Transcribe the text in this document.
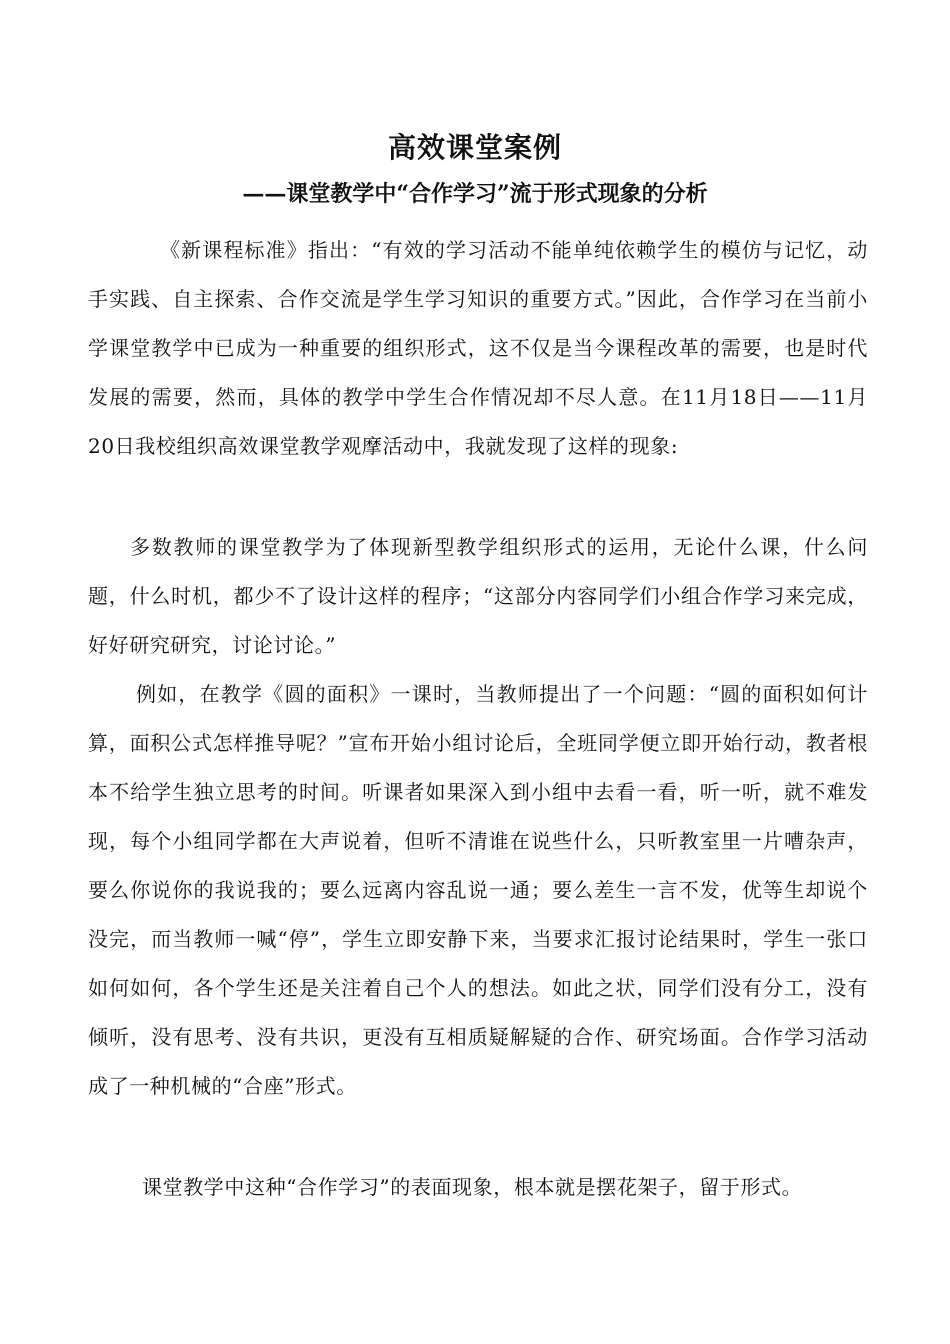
高效课堂案例
——课堂教学中“合作学习”流于形式现象的分析

《新课程标准》指出：“有效的学习活动不能单纯依赖学生的模仿与记忆，动手实践、自主探索、合作交流是学生学习知识的重要方式。”因此，合作学习在当前小学课堂教学中已成为一种重要的组织形式，这不仅是当今课程改革的需要，也是时代发展的需要，然而，具体的教学中学生合作情况却不尽人意。在11月18日——11月20日我校组织高效课堂教学观摩活动中，我就发现了这样的现象:

多数教师的课堂教学为了体现新型教学组织形式的运用，无论什么课，什么问题，什么时机，都少不了设计这样的程序；“这部分内容同学们小组合作学习来完成，好好研究研究，讨论讨论。”

例如，在教学《圆的面积》一课时，当教师提出了一个问题：“圆的面积如何计算，面积公式怎样推导呢？”宣布开始小组讨论后，全班同学便立即开始行动，教者根本不给学生独立思考的时间。听课者如果深入到小组中去看一看，听一听，就不难发现，每个小组同学都在大声说着，但听不清谁在说些什么，只听教室里一片嘈杂声，要么你说你的我说我的；要么远离内容乱说一通；要么差生一言不发，优等生却说个没完，而当教师一喊“停”，学生立即安静下来，当要求汇报讨论结果时，学生一张口如何如何，各个学生还是关注着自己个人的想法。如此之状，同学们没有分工，没有倾听，没有思考、没有共识，更没有互相质疑解疑的合作、研究场面。合作学习活动成了一种机械的“合座”形式。

课堂教学中这种“合作学习”的表面现象，根本就是摆花架子，留于形式。
